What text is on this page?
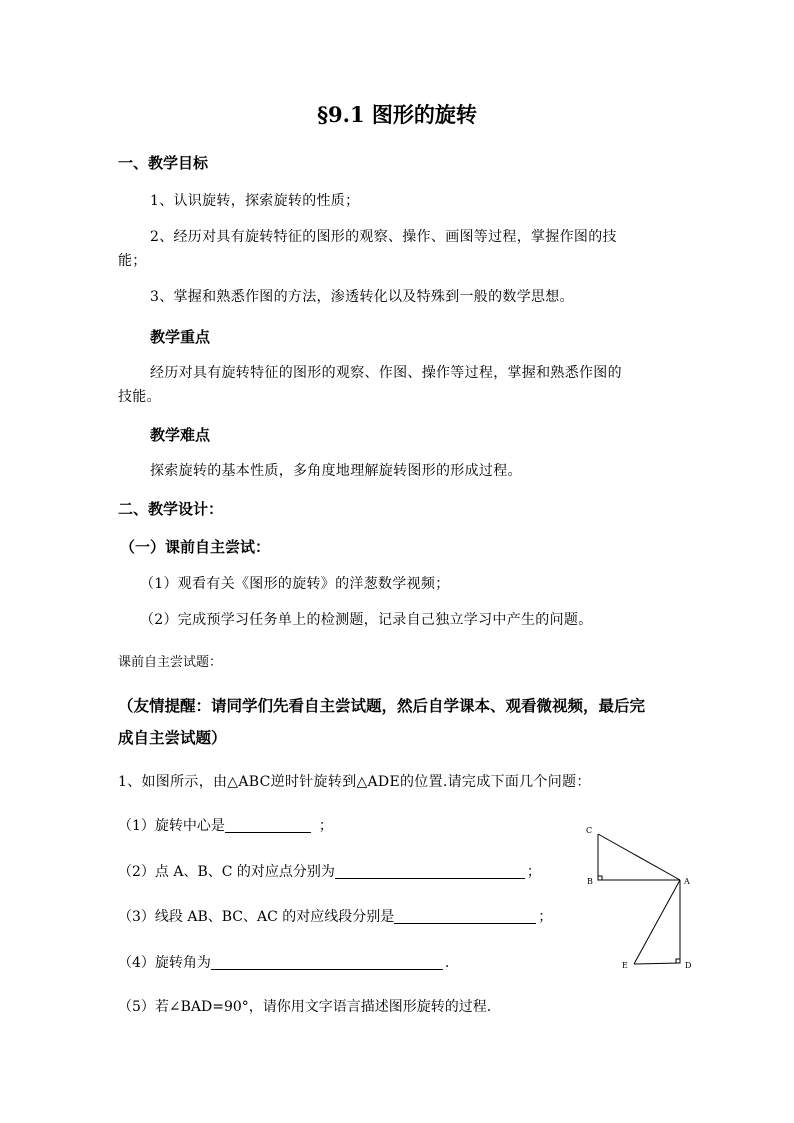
§9.1 图形的旋转
一、教学目标
1、认识旋转，探索旋转的性质；
2、经历对具有旋转特征的图形的观察、操作、画图等过程，掌握作图的技
能；
3、掌握和熟悉作图的方法，渗透转化以及特殊到一般的数学思想。
教学重点
经历对具有旋转特征的图形的观察、作图、操作等过程，掌握和熟悉作图的
技能。
教学难点
探索旋转的基本性质，多角度地理解旋转图形的形成过程。
二、教学设计：
（一）课前自主尝试：
（1）观看有关《图形的旋转》的洋葱数学视频；
（2）完成预学习任务单上的检测题，记录自己独立学习中产生的问题。
课前自主尝试题：
（友情提醒：请同学们先看自主尝试题，然后自学课本、观看微视频，最后完
成自主尝试题）
1、如图所示，由△ABC逆时针旋转到△ADE的位置.请完成下面几个问题：
（1）旋转中心是	；
（2）点 A、B、C 的对应点分别为	；
（3）线段 AB、BC、AC 的对应线段分别是	；
（4）旋转角为	.
（5）若∠BAD=90°，请你用文字语言描述图形旋转的过程.
C
B	A
E	D
